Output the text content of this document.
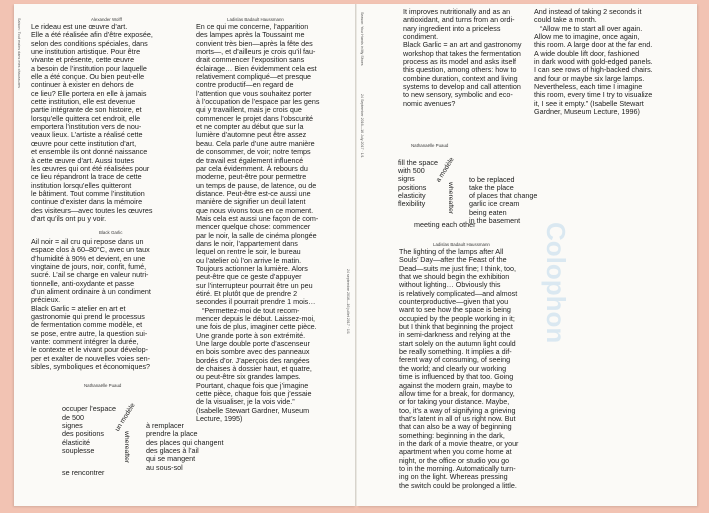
Saison: Tout mains dans mes chaussures
24 septembre 2016—16 juillet 2017 · 1/1
Alexander Wolff
Le rideau est une œuvre d’art.
Elle a été réalisée afin d’être exposée,
selon des conditions spéciales, dans
une institution artistique. Pour être
vivante et présente, cette œuvre
a besoin de l’institution pour laquelle
elle a été conçue. Ou bien peut-elle
continuer à exister en dehors de
ce lieu? Elle portera en elle à jamais
cette institution, elle est devenue
partie intégrante de son histoire, et
lorsqu’elle quittera cet endroit, elle
emportera l’institution vers de nou-
veaux lieux. L’artiste a réalisé cette
œuvre pour cette institution d’art,
et ensemble ils ont donné naissance
à cette œuvre d’art. Aussi toutes
les œuvres qui ont été réalisées pour
ce lieu répandront la trace de cette
institution lorsqu’elles quitteront
le bâtiment. Tout comme l’institution
continue d’exister dans la mémoire
des visiteurs—avec toutes les œuvres
d’art qu’ils ont pu y voir.
Black Garlic
Ail noir = ail cru qui repose dans un
espace clos à 60–80°C, avec un taux
d’humidité à 90% et devient, en une
vingtaine de jours, noir, confit, fumé,
sucré. L’ail se charge en valeur nutri-
tionnelle, anti-oxydante et passe
d’un aliment ordinaire à un condiment
précieux.
Black Garlic = atelier en art et
gastronomie qui prend le processus
de fermentation comme modèle, et
se pose, entre autre, la question sui-
vante: comment intégrer la durée,
le contexte et le vivant pour dévelop-
per et exalter de nouvelles voies sen-
sibles, symboliques et économiques?
Nathanaëlle Puaud
Ladislas Badault Haussmann
En ce qui me concerne, l’apparition
des lampes après la Toussaint me
convient très bien—après la fête des
morts—, et d’ailleurs je crois qu’il fau-
drait commencer l’exposition sans
éclairage… Bien évidemment cela est
relativement compliqué—et presque
contre productif—en regard de
l’attention que vous souhaitez porter
à l’occupation de l’espace par les gens
qui y travaillent, mais je crois que
commencer le projet dans l’obscurité
et ne compter au début que sur la
lumière d’automne peut être assez
beau. Cela parle d’une autre manière
de consommer, de voir; notre temps
de travail est également influencé
par cela évidemment. À rebours du
moderne, peut-être pour permettre
un temps de pause, de latence, ou de
distance. Peut-être est-ce aussi une
manière de signifier un deuil latent
que nous vivons tous en ce moment.
Mais cela est aussi une façon de com-
mencer quelque chose: commencer
par le noir, la salle de cinéma plongée
dans le noir, l’appartement dans
lequel on rentre le soir, le bureau
ou l’atelier où l’on arrive le matin.
Toujours actionner la lumière. Alors
peut-être que ce geste d’appuyer
sur l’interrupteur pourrait être un peu
étiré. Et plutôt que de prendre 2
secondes il pourrait prendre 1 mois…
“Permettez-moi de tout recom-
mencer depuis le début. Laissez-moi,
une fois de plus, imaginer cette pièce.
Une grande porte à son extrémité.
Une large double porte d’ascenseur
en bois sombre avec des panneaux
bordés d’or. J’aperçois des rangées
de chaises à dossier haut, et quatre,
ou peut-être six grandes lampes.
Pourtant, chaque fois que j’imagine
cette pièce, chaque fois que j’essaie
de la visualiser, je la vois vide.”
(Isabelle Stewart Gardner, Museum
Lecture, 1995)
occuper l’espace
de 500
signes
des positions
élasticité
souplesse
se rencontrer
à remplacer
prendre la place
des places qui changent
des glaces à l’ail
qui se mangent
au sous-sol
un modèle
whereafter
Season: Your Hands in My Shoes
24 September 2016—16 July 2017 · 1/1
Colophon
It improves nutritionally and as an
antioxidant, and turns from an ordi-
nary ingredient into a priceless
condiment.
Black Garlic = an art and gastronomy
workshop that takes the fermentation
process as its model and asks itself
this question, among others: how to
combine duration, context and living
systems to develop and call attention
to new sensory, symbolic and eco-
nomic avenues?
fill the space
with 500
signs
positions
elasticity
flexibility
meeting each other
to be replaced
take the place
of places that change
garlic ice cream
being eaten
in the basement
a modèle
whereafter
Nathanaëlle Puaud
Ladislas Badault Haussmann
The lighting of the lamps after All
Souls’ Day—after the Feast of the
Dead—suits me just fine; I think, too,
that we should begin the exhibition
without lighting… Obviously this
is relatively complicated—and almost
counterproductive—given that you
want to see how the space is being
occupied by the people working in it;
but I think that beginning the project
in semi-darkness and relying at the
start solely on the autumn light could
be really something. It implies a dif-
ferent way of consuming, of seeing
the world; and clearly our working
time is influenced by that too. Going
against the modern grain, maybe to
allow time for a break, for dormancy,
or for taking your distance. Maybe,
too, it’s a way of signifying a grieving
that’s latent in all of us right now. But
that can also be a way of beginning
something: beginning in the dark,
in the dark of a movie theatre, or your
apartment when you come home at
night, or the office or studio you go
to in the morning. Automatically turn-
ing on the light. Whereas pressing
the switch could be prolonged a little.
And instead of taking 2 seconds it
could take a month.
“Allow me to start all over again.
Allow me to imagine, once again,
this room. A large door at the far end.
A wide double lift door, fashioned
in dark wood with gold-edged panels.
I can see rows of high-backed chairs.
and four or maybe six large lamps.
Nevertheless, each time I imagine
this room, every time I try to visualize
it, I see it empty.” (Isabelle Stewart
Gardner, Museum Lecture, 1996)
